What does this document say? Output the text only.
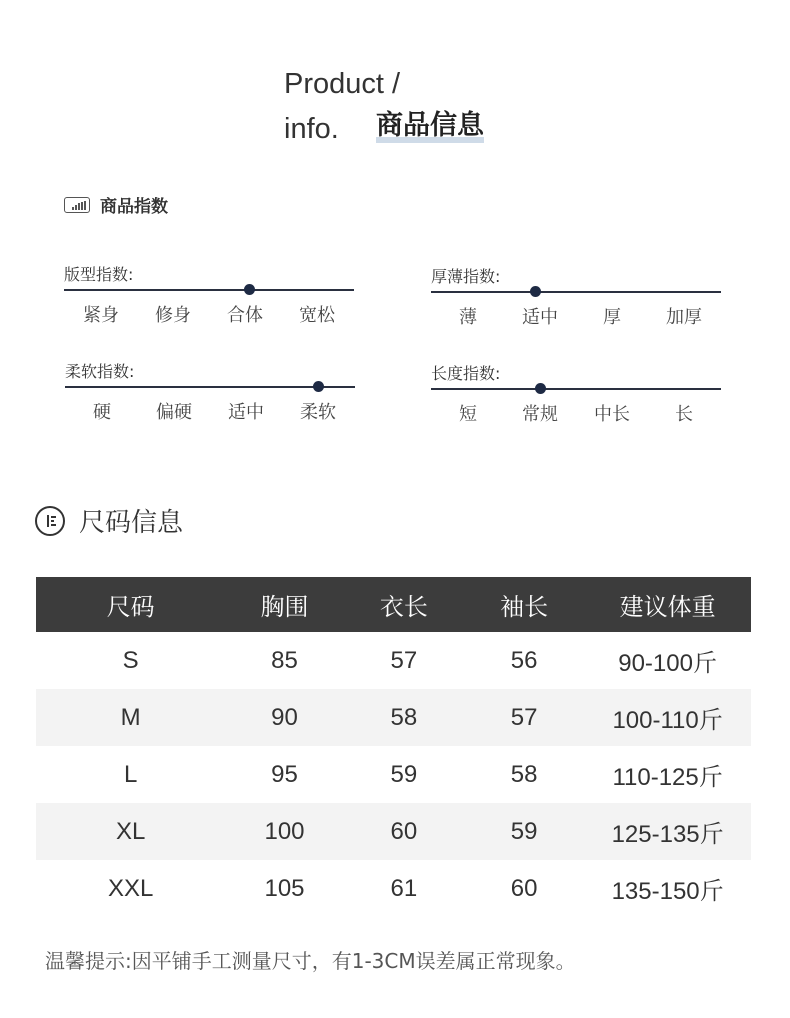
Product /
info. 商品信息
商品指数
版型指数:
紧身 修身 合体 宽松
厚薄指数:
薄	适中	厚	加厚
柔软指数:
硬	偏硬 适中 柔软
长度指数:
短	常规 中长	长
尺码信息
尺码	胸围	衣长	袖长	建议体重
S	85	57	56	90-100斤
M	90	58	57	100-110斤
L	95	59	58	110-125斤
XL	100	60	59	125-135斤
XXL	105	61	60	135-150斤
温馨提示:因平铺手工测量尺寸，有1-3CM误差属正常现象。
